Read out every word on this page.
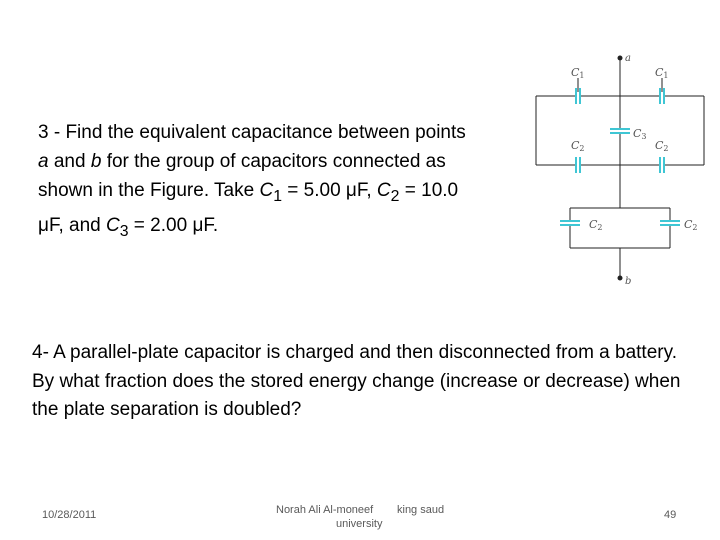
3 - Find the equivalent capacitance between points a and b for the group of capacitors connected as shown in the Figure. Take $C_1 = 5.00$ μF, $C_2 = 10.0$ μF, and $C_3 = 2.00$ μF.
a
b
C1	C1
C3
C2	C2
C2	C2
4- A parallel-plate capacitor is charged and then disconnected from a battery. By what fraction does the stored energy change (increase or decrease) when the plate separation is doubled?
10/28/2011	Norah Ali Al-moneef king saud
university
49
